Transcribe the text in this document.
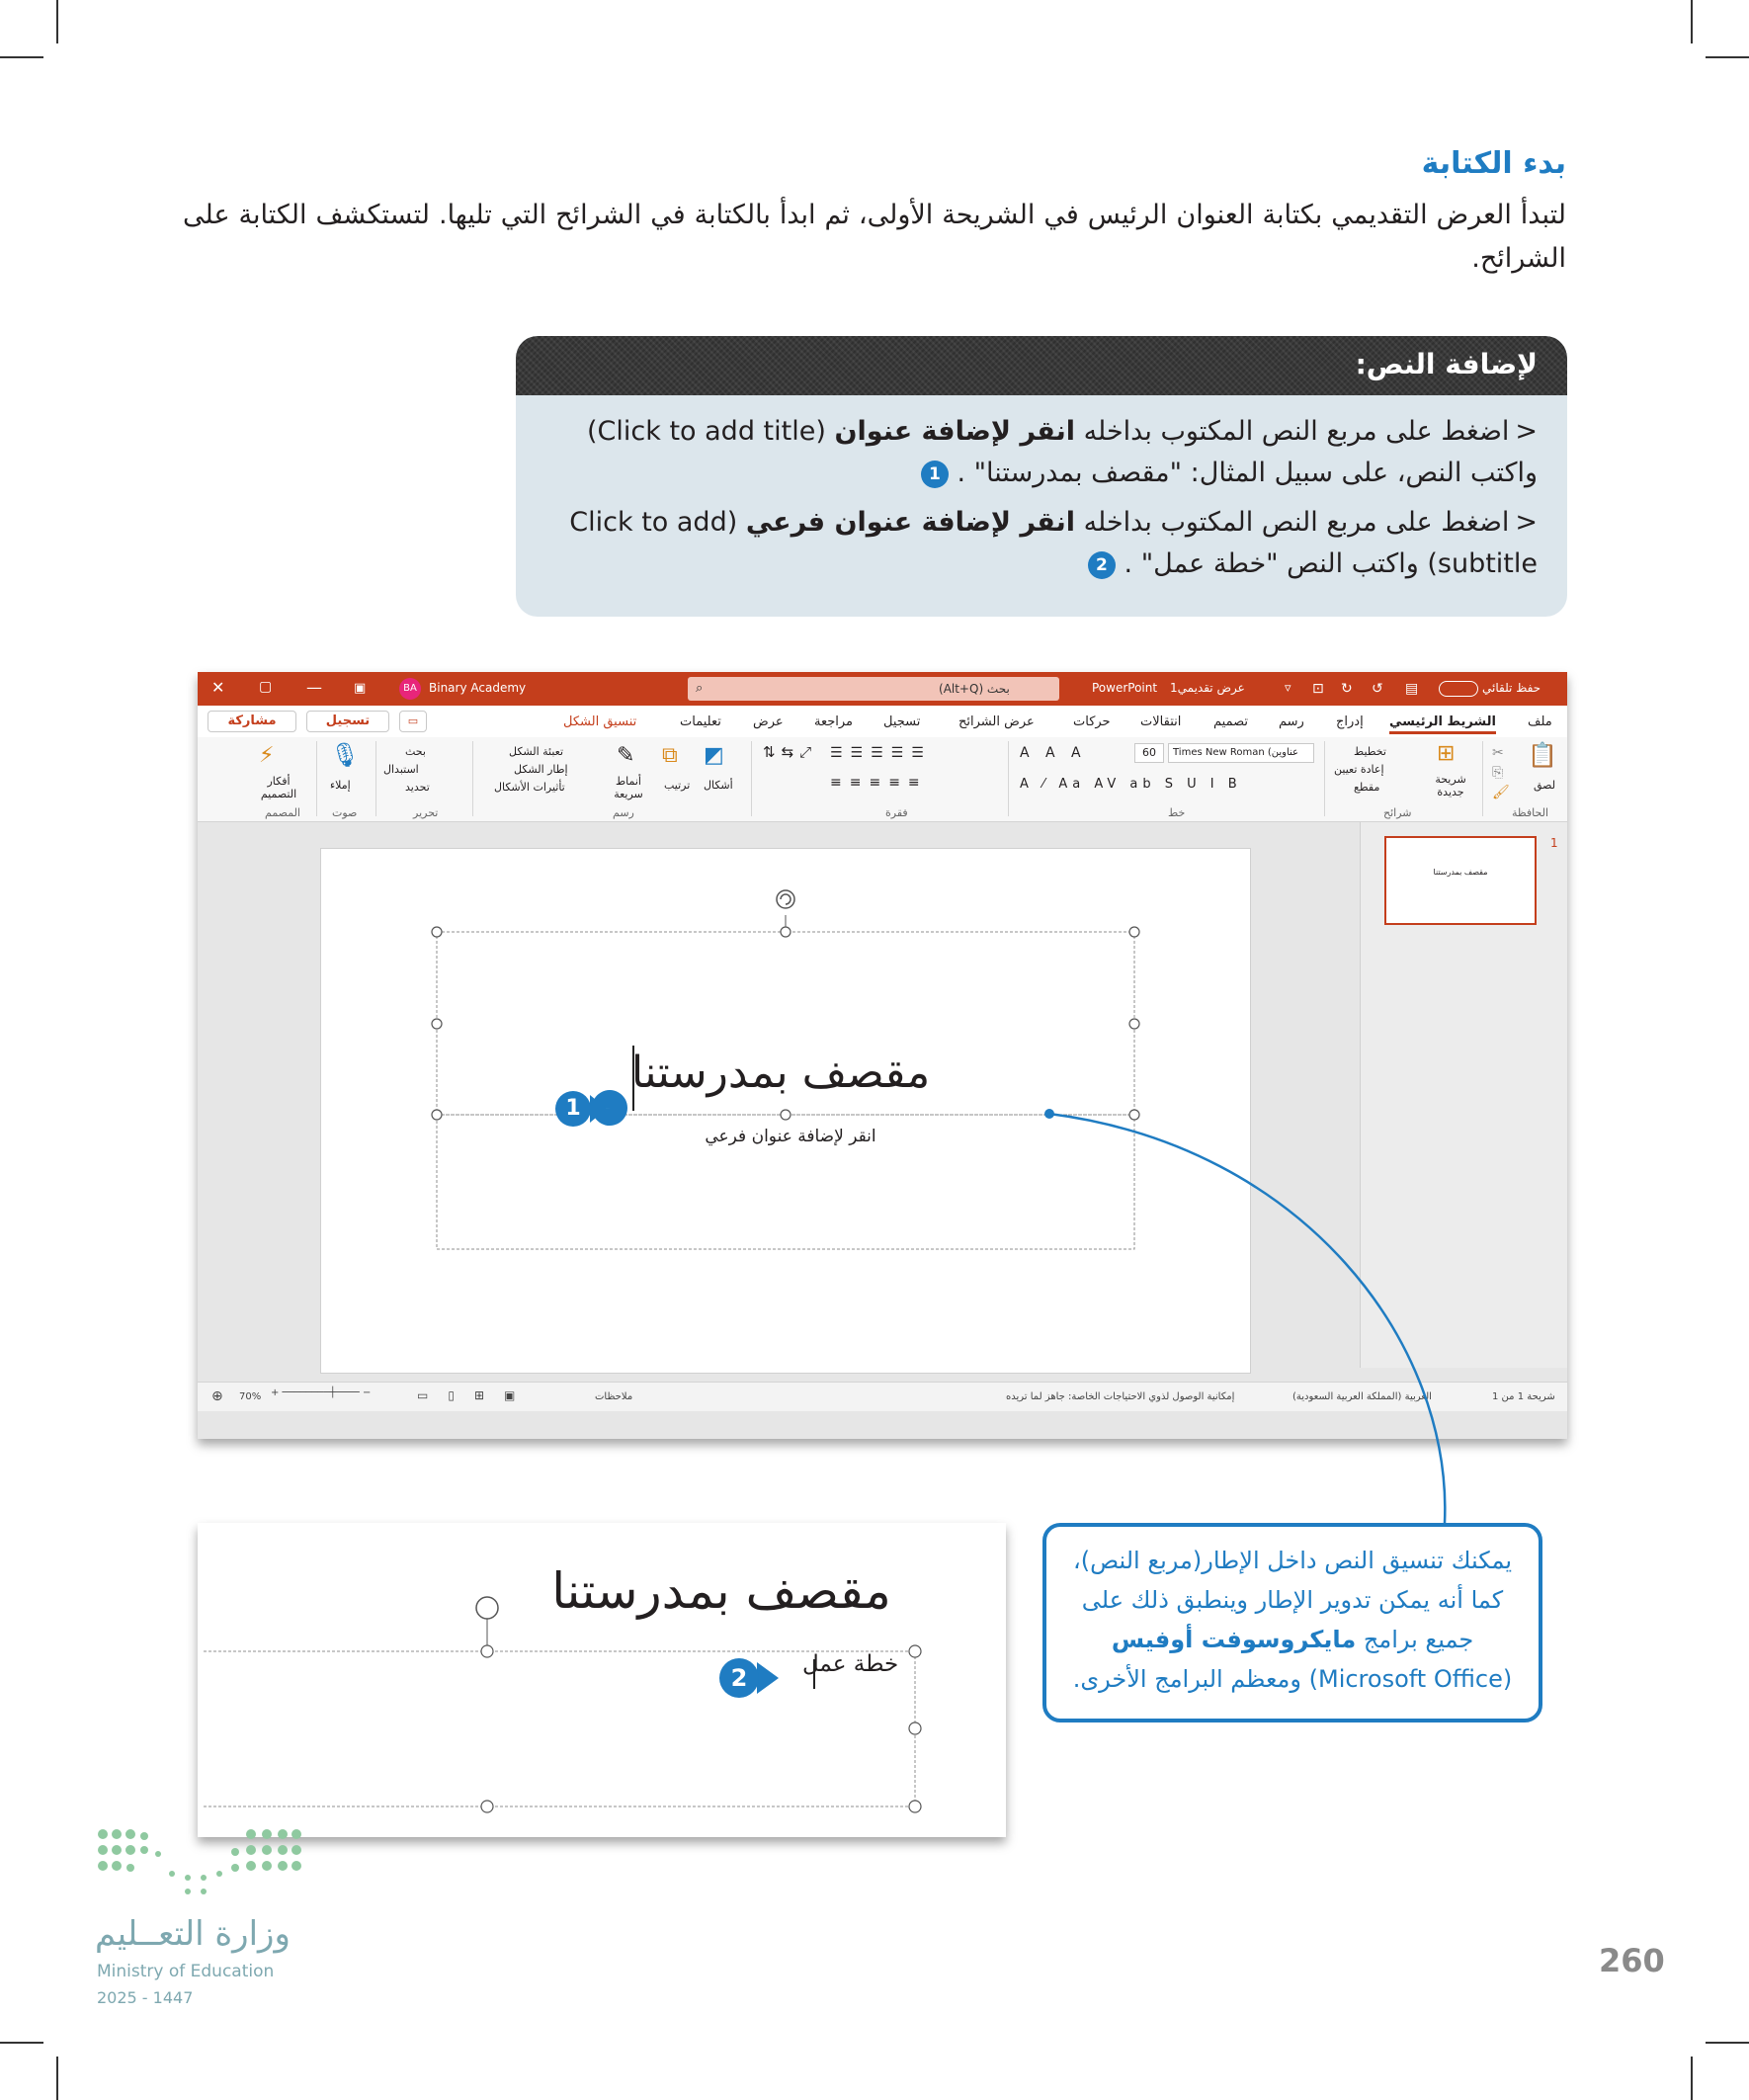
بدء الكتابة
لتبدأ العرض التقديمي بكتابة العنوان الرئيس في الشريحة الأولى، ثم ابدأ بالكتابة في الشرائح التي تليها. لتستكشف الكتابة على الشرائح.
لإضافة النص:
<اضغط على مربع النص المكتوب بداخله انقر لإضافة عنوان (Click to add title) واكتب النص، على سبيل المثال: "مقصف بمدرستنا" . 1
<اضغط على مربع النص المكتوب بداخله انقر لإضافة عنوان فرعي (Click to add subtitle) واكتب النص "خطة عمل" . 2
✕ ▢ — ▣	BA	Binary Academy	⌕	بحث (Alt+Q)	PowerPoint عرض تقديمي1	▿ ⊡ ↻ ↺ ▤	حفظ تلقائي
مشاركة	تسجيل	▭	تنسيق الشكل	تعليمات عرض مراجعة تسجيل	عرض الشرائح	حركات انتقالات	تصميم رسم إدراج الشريط الرئيسي ملف
⚡
أفكار التصميم
المصمم
🎙
إملاء
صوت
بحث
استبدال
تحديد
تحرير
تعبئة الشكل
إطار الشكل
تأثيرات الأشكال
✎
أنماط سريعة
⧉
ترتيب
◩
أشكال
رسم
⇅⇆⤢ ☰☰☰☰☰
≡≡≡≡≡
فقرة
A A A	60	Times New Roman (عناوين
A ⁄ Aa AV ab S U I B
خط
تخطيط
إعادة تعيين
مقطع
⊞
شريحة جديدة
شرائح
✂
⎘
🖌
📋
لصق
الحافظة
1
مقصف بمدرستنا
مقصف بمدرستنا
انقر لإضافة عنوان فرعي
⊕ 70% + ────────┼──── −	▭▯⊞▣	ملاحظات	إمكانية الوصول لذوي الاحتياجات الخاصة: جاهز لما تريده	العربية (المملكة العربية السعودية)	شريحة 1 من 1
1
مقصف بمدرستنا
خطة عمل
2
يمكنك تنسيق النص داخل الإطار(مربع النص)، كما أنه يمكن تدوير الإطار وينطبق ذلك على جميع برامج مايكروسوفت أوفيس (Microsoft Office) ومعظم البرامج الأخرى.
وزارة التعــليم
Ministry of Education
2025 - 1447
260
